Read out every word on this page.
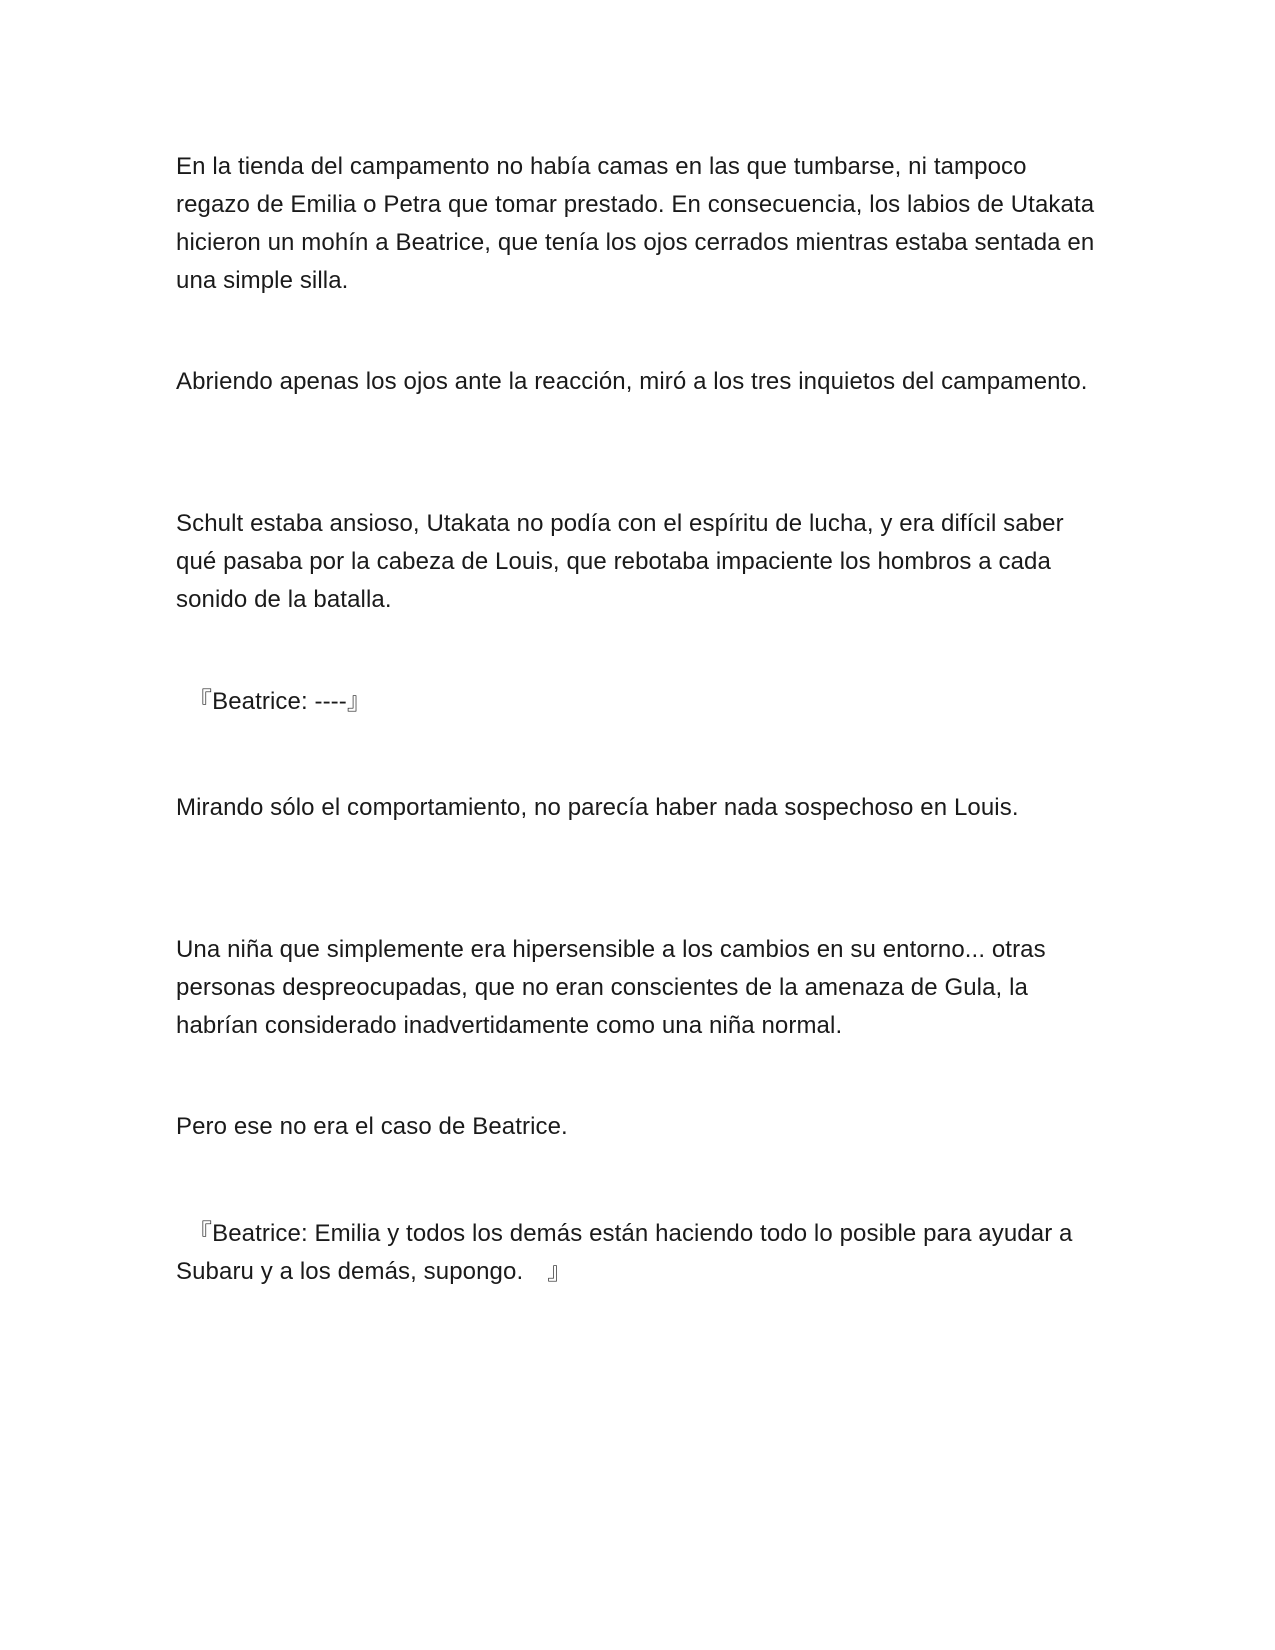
En la tienda del campamento no había camas en las que tumbarse, ni tampoco regazo de Emilia o Petra que tomar prestado. En consecuencia, los labios de Utakata hicieron un mohín a Beatrice, que tenía los ojos cerrados mientras estaba sentada en una simple silla.

Abriendo apenas los ojos ante la reacción, miró a los tres inquietos del campamento.

Schult estaba ansioso, Utakata no podía con el espíritu de lucha, y era difícil saber qué pasaba por la cabeza de Louis, que rebotaba impaciente los hombros a cada sonido de la batalla.

『Beatrice: ----』

Mirando sólo el comportamiento, no parecía haber nada sospechoso en Louis.

Una niña que simplemente era hipersensible a los cambios en su entorno... otras personas despreocupadas, que no eran conscientes de la amenaza de Gula, la habrían considerado inadvertidamente como una niña normal.

Pero ese no era el caso de Beatrice.

『Beatrice: Emilia y todos los demás están haciendo todo lo posible para ayudar a Subaru y a los demás, supongo.　』
